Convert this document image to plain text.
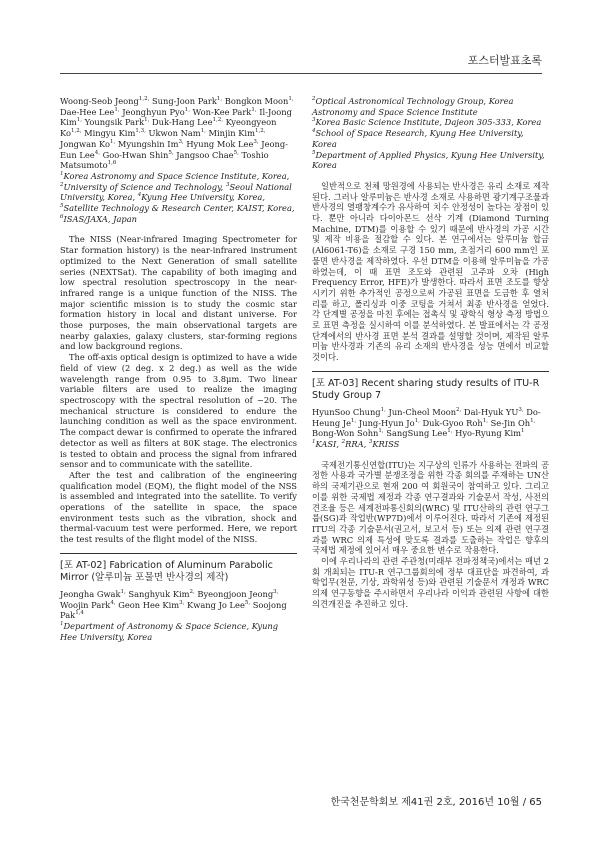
포스터발표초록

Woong-Seob Jeong$^{1,2,}$ Sung-Joon Park$^{1,}$ Bongkon Moon$^{1,}$ Dae-Hee Lee$^{1,}$ Jeonghyun Pyo$^{1,}$ Won-Kee Park$^{1,}$ Il-Joong Kim$^{1,}$ Youngsik Park$^{1,}$ Duk-Hang Lee$^{1,2,}$ Kyeongyeon $Ko^{1,2,}$ Mingyu Kim$^{1,3,}$ Ukwon Nam$^{1,}$ Minjin Kim$^{1,2,}$ Jongwan $Ko^{1,}$ Myungshin $Im^{3,}$ Hyung Mok Lee$^{3,}$ Jeong-Eun Lee$^{4,}$ Goo-Hwan Shin$^{5,}$ Jangsoo Chae$^{5,}$ Toshio Matsumoto$^{1,6}$

$^1$Korea Astronomy and Space Science Institute, Korea, $^2$University of Science and Technology, $^3$Seoul National University, Korea, $^4$Kyung Hee University, Korea, $^5$Satellite Technology & Research Center, KAIST, Korea, $^6$ISAS/JAXA, Japan

The NISS (Near-infrared Imaging Spectrometer for Star formation history) is the near-infrared instrument optimized to the Next Generation of small satellite series (NEXTSat). The capability of both imaging and low spectral resolution spectroscopy in the near-infrared range is a unique function of the NISS. The major scientific mission is to study the cosmic star formation history in local and distant universe. For those purposes, the main observational targets are nearby galaxies, galaxy clusters, star-forming regions and low background regions.

The off-axis optical design is optimized to have a wide field of view (2 deg. x 2 deg.) as well as the wide wavelength range from 0.95 to 3.8μm. Two linear variable filters are used to realize the imaging spectroscopy with the spectral resolution of ~20. The mechanical structure is considered to endure the launching condition as well as the space environment. The compact dewar is confirmed to operate the infrared detector as well as filters at 80K stage. The electronics is tested to obtain and process the signal from infrared sensor and to communicate with the satellite.

After the test and calibration of the engineering qualification model (EQM), the flight model of the NSS is assembled and integrated into the satellite. To verify operations of the satellite in space, the space environment tests such as the vibration, shock and thermal-vacuum test were performed. Here, we report the test results of the flight model of the NISS.

[포 AT-02] Fabrication of Aluminum Parabolic Mirror (알루미늄 포물면 반사경의 제작)

Jeongha Gwak$^{1,}$ Sanghyuk Kim$^{2,}$ Byeongjoon Jeong$^{3,}$ Woojin Park$^{4,}$ Geon Hee Kim$^{3,}$ Kwang Jo Lee$^{5,}$ Soojong Pak$^{1,4}$

$^1$Department of Astronomy & Space Science, Kyung Hee University, Korea

$^2$Optical Astronomical Technology Group, Korea Astronomy and Space Science Institute

$^3$Korea Basic Science Institute, Dajeon 305-333, Korea

$^4$School of Space Research, Kyung Hee University, Korea

$^5$Department of Applied Physics, Kyung Hee University, Korea

일반적으로 천체 망원경에 사용되는 반사경은 유리 소재로 제작된다. 그러나 알루미늄은 반사경 소재로 사용하면 광기계구조물과 반사경의 열팽창계수가 유사하여 치수 안정성이 높다는 장점이 있다. 뿐만 아니라 다이아몬드 선삭 기계 (Diamond Turning Machine, DTM)를 이용할 수 있기 때문에 반사경의 가공 시간 및 제작 비용을 절감할 수 있다. 본 연구에서는 알루미늄 합금 (Al6061-T6)을 소재로 구경 150 mm, 초점거리 600 mm인 포물면 반사경을 제작하였다. 우선 DTM을 이용해 알루미늄을 가공하였는데, 이 때 표면 조도와 관련된 고주파 오차 (High Frequency Error, HFE)가 발생한다. 따라서 표면 조도를 향상시키기 위한 추가적인 공정으로써 가공된 표면을 도금한 후 열처리를 하고, 폴리싱과 이중 코팅을 거쳐서 최종 반사경을 얻었다. 각 단계별 공정을 마친 후에는 접촉식 및 광학식 형상 측정 방법으로 표면 측정을 실시하여 이를 분석하였다. 본 발표에서는 각 공정 단계에서의 반사경 표면 분석 결과를 설명할 것이며, 제작된 알루미늄 반사경과 기존의 유리 소재의 반사경을 성능 면에서 비교할 것이다.

[포 AT-03] Recent sharing study results of ITU-R Study Group 7

HyunSoo Chung$^{1,}$ Jun-Cheol Moon$^{2,}$ Dai-Hyuk $YU^{3,}$ Do-Heung $Je^{1,}$ Jung-Hyun $Jo^{1,}$ Duk-Gyoo Roh$^{1,}$ Se-Jin $Oh^{1,}$ Bong-Won Sohn$^{1,}$ SangSung Lee$^{1,}$ Hyo-Ryung Kim$^1$

$^1$KASI, $^2$RRA, $^3$KRISS

국제전기통신연합(ITU)는 지구상의 인류가 사용하는 전파의 공정한 사용과 국가별 분쟁조정을 위한 각종 회의를 주재하는 UN산하의 국제기관으로 현재 200 여 회원국이 참여하고 있다. 그리고 이를 위한 국제법 제정과 각종 연구결과와 기술문서 작성, 사전의견조율 등은 세계전파통신회의(WRC) 및 ITU산하의 관련 연구그룹(SG)과 작업반(WP7D)에서 이루어진다. 따라서 기존에 제정된 ITU의 각종 기술문서(권고서, 보고서 등) 또는 의제 관련 연구결과를 WRC 의제 특성에 맞도록 결과를 도출하는 작업은 향후의 국제법 제정에 있어서 매우 중요한 변수로 작용한다.

이에 우리나라의 관련 주관청(미래부 전파정책국)에서는 매년 2회 개최되는 ITU-R 연구그룹회의에 정부 대표단을 파견하여, 과학업무(천문, 기상, 과학위성 등)와 관련된 기술문서 개정과 WRC의제 연구동향을 주시하면서 우리나라 이익과 관련된 사항에 대한 의견개진을 추진하고 있다.

한국천문학회보 제41권 2호, 2016년 10월 / 65
